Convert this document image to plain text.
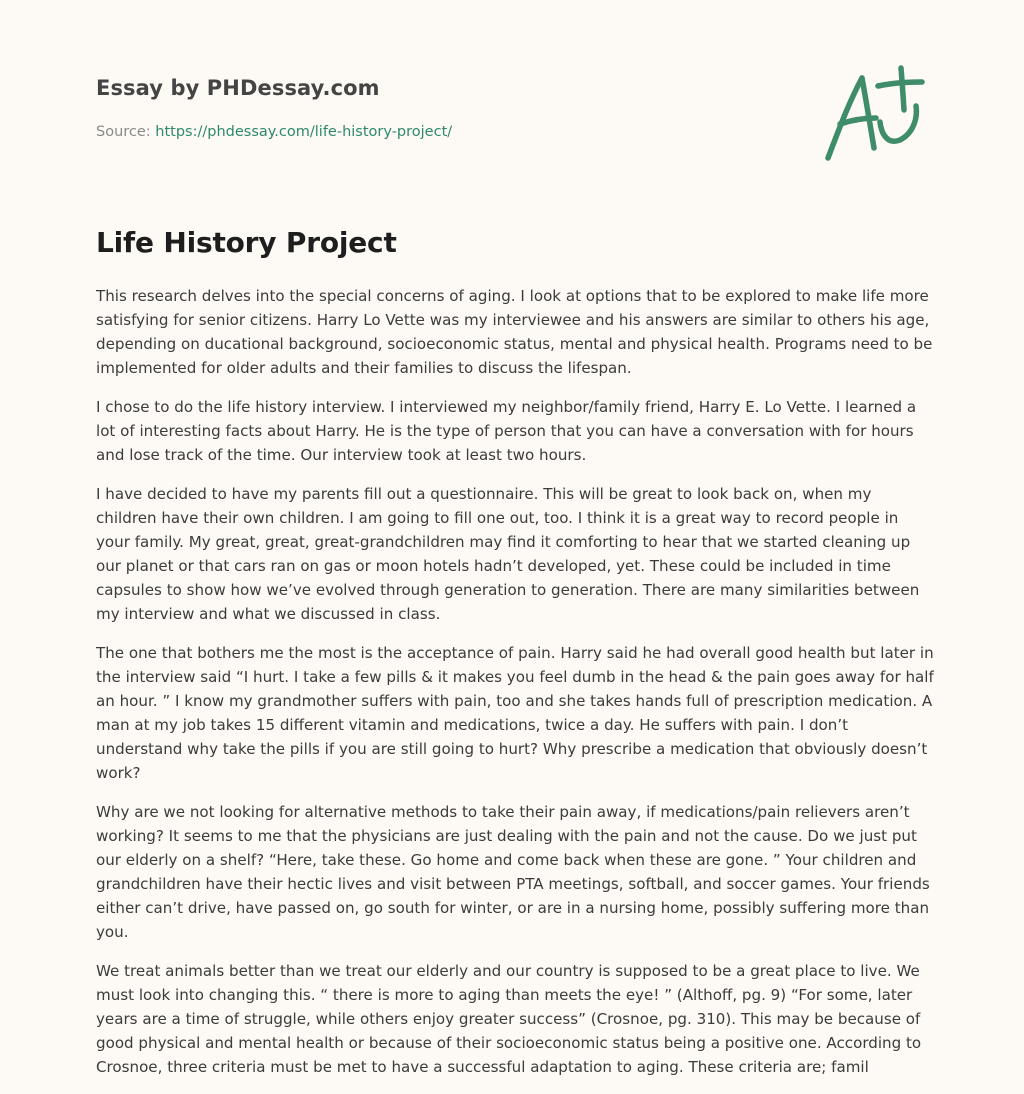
Essay by PHDessay.com

Source: https://phdessay.com/life-history-project/

Life History Project

This research delves into the special concerns of aging. I look at options that to be explored to make life more satisfying for senior citizens. Harry Lo Vette was my interviewee and his answers are similar to others his age, depending on ducational background, socioeconomic status, mental and physical health. Programs need to be implemented for older adults and their families to discuss the lifespan.

I chose to do the life history interview. I interviewed my neighbor/family friend, Harry E. Lo Vette. I learned a lot of interesting facts about Harry. He is the type of person that you can have a conversation with for hours and lose track of the time. Our interview took at least two hours.

I have decided to have my parents fill out a questionnaire. This will be great to look back on, when my children have their own children. I am going to fill one out, too. I think it is a great way to record people in your family. My great, great, great-grandchildren may find it comforting to hear that we started cleaning up our planet or that cars ran on gas or moon hotels hadn’t developed, yet. These could be included in time capsules to show how we’ve evolved through generation to generation. There are many similarities between my interview and what we discussed in class.

The one that bothers me the most is the acceptance of pain. Harry said he had overall good health but later in the interview said “I hurt. I take a few pills & it makes you feel dumb in the head & the pain goes away for half an hour. ” I know my grandmother suffers with pain, too and she takes hands full of prescription medication. A man at my job takes 15 different vitamin and medications, twice a day. He suffers with pain. I don’t understand why take the pills if you are still going to hurt? Why prescribe a medication that obviously doesn’t work?

Why are we not looking for alternative methods to take their pain away, if medications/pain relievers aren’t working? It seems to me that the physicians are just dealing with the pain and not the cause. Do we just put our elderly on a shelf? “Here, take these. Go home and come back when these are gone. ” Your children and grandchildren have their hectic lives and visit between PTA meetings, softball, and soccer games. Your friends either can’t drive, have passed on, go south for winter, or are in a nursing home, possibly suffering more than you.

We treat animals better than we treat our elderly and our country is supposed to be a great place to live. We must look into changing this. “ there is more to aging than meets the eye! ” (Althoff, pg. 9) “For some, later years are a time of struggle, while others enjoy greater success” (Crosnoe, pg. 310). This may be because of good physical and mental health or because of their socioeconomic status being a positive one. According to Crosnoe, three criteria must be met to have a successful adaptation to aging. These criteria are; famil
